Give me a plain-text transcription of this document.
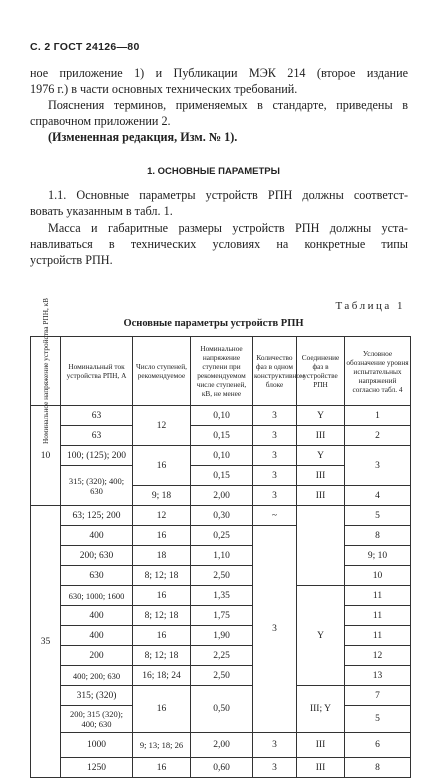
С. 2 ГОСТ 24126—80
ное приложение 1) и Публикации МЭК 214 (второе издание
1976 г.) в части основных технических требований.
Пояснения терминов, применяемых в стандарте, приведены в
справочном приложении 2.
(Измененная редакция, Изм. № 1).
1. ОСНОВНЫЕ ПАРАМЕТРЫ
1.1. Основные параметры устройств РПН должны соответст-
вовать указанным в табл. 1.
Масса и габаритные размеры устройств РПН должны уста-
навливаться в технических условиях на конкретные типы
устройств РПН.
Таблица 1
Основные параметры устройств РПН
Номинальное напряжение устройства РПН, кВ	Номинальный ток устройства РПН, А	Число ступеней, рекомендуемое	Номинальное напряжение ступени при рекомендуемом числе ступеней, кВ, не менее	Количество фаз в одном конструктивном блоке	Соединение фаз в устройстве РПН	Условное обозначение уровня испытательных напряжений согласно табл. 4
10	63	12	0,10	3	Y	1
	63		0,15	3	III	2
	100; (125); 200	16	0,10	3	Y	3
	315; (320); 400; 630		0,15	3	III	
		9; 18	2,00	3	III	4
35	63; 125; 200	12	0,30	~		5
	400	16	0,25	3		8
	200; 630	18	1,10			9; 10
	630	8; 12; 18	2,50			10
	630; 1000; 1600	16	1,35		Y	11
	400	8; 12; 18	1,75			11
	400	16	1,90			11
	200	8; 12; 18	2,25			12
	400; 200; 630	16; 18; 24	2,50			13
	315; (320)	16	0,50		III; Y	7
	200; 315 (320); 400; 630					5
	1000	9; 13; 18; 26	2,00	3	III	6
	1250	16	0,60	3	III	8
